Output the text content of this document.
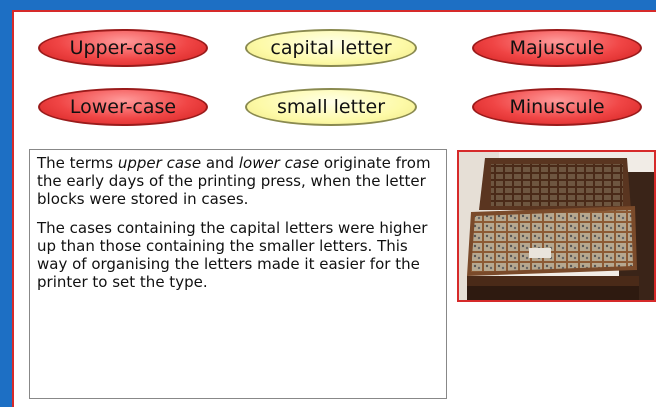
Upper-case	capital letter	Majuscule
Lower-case	small letter	Minuscule

The terms upper case and lower case originate from the early days of the printing press, when the letter blocks were stored in cases.

The cases containing the capital letters were higher up than those containing the smaller letters. This way of organising the letters made it easier for the printer to set the type.
